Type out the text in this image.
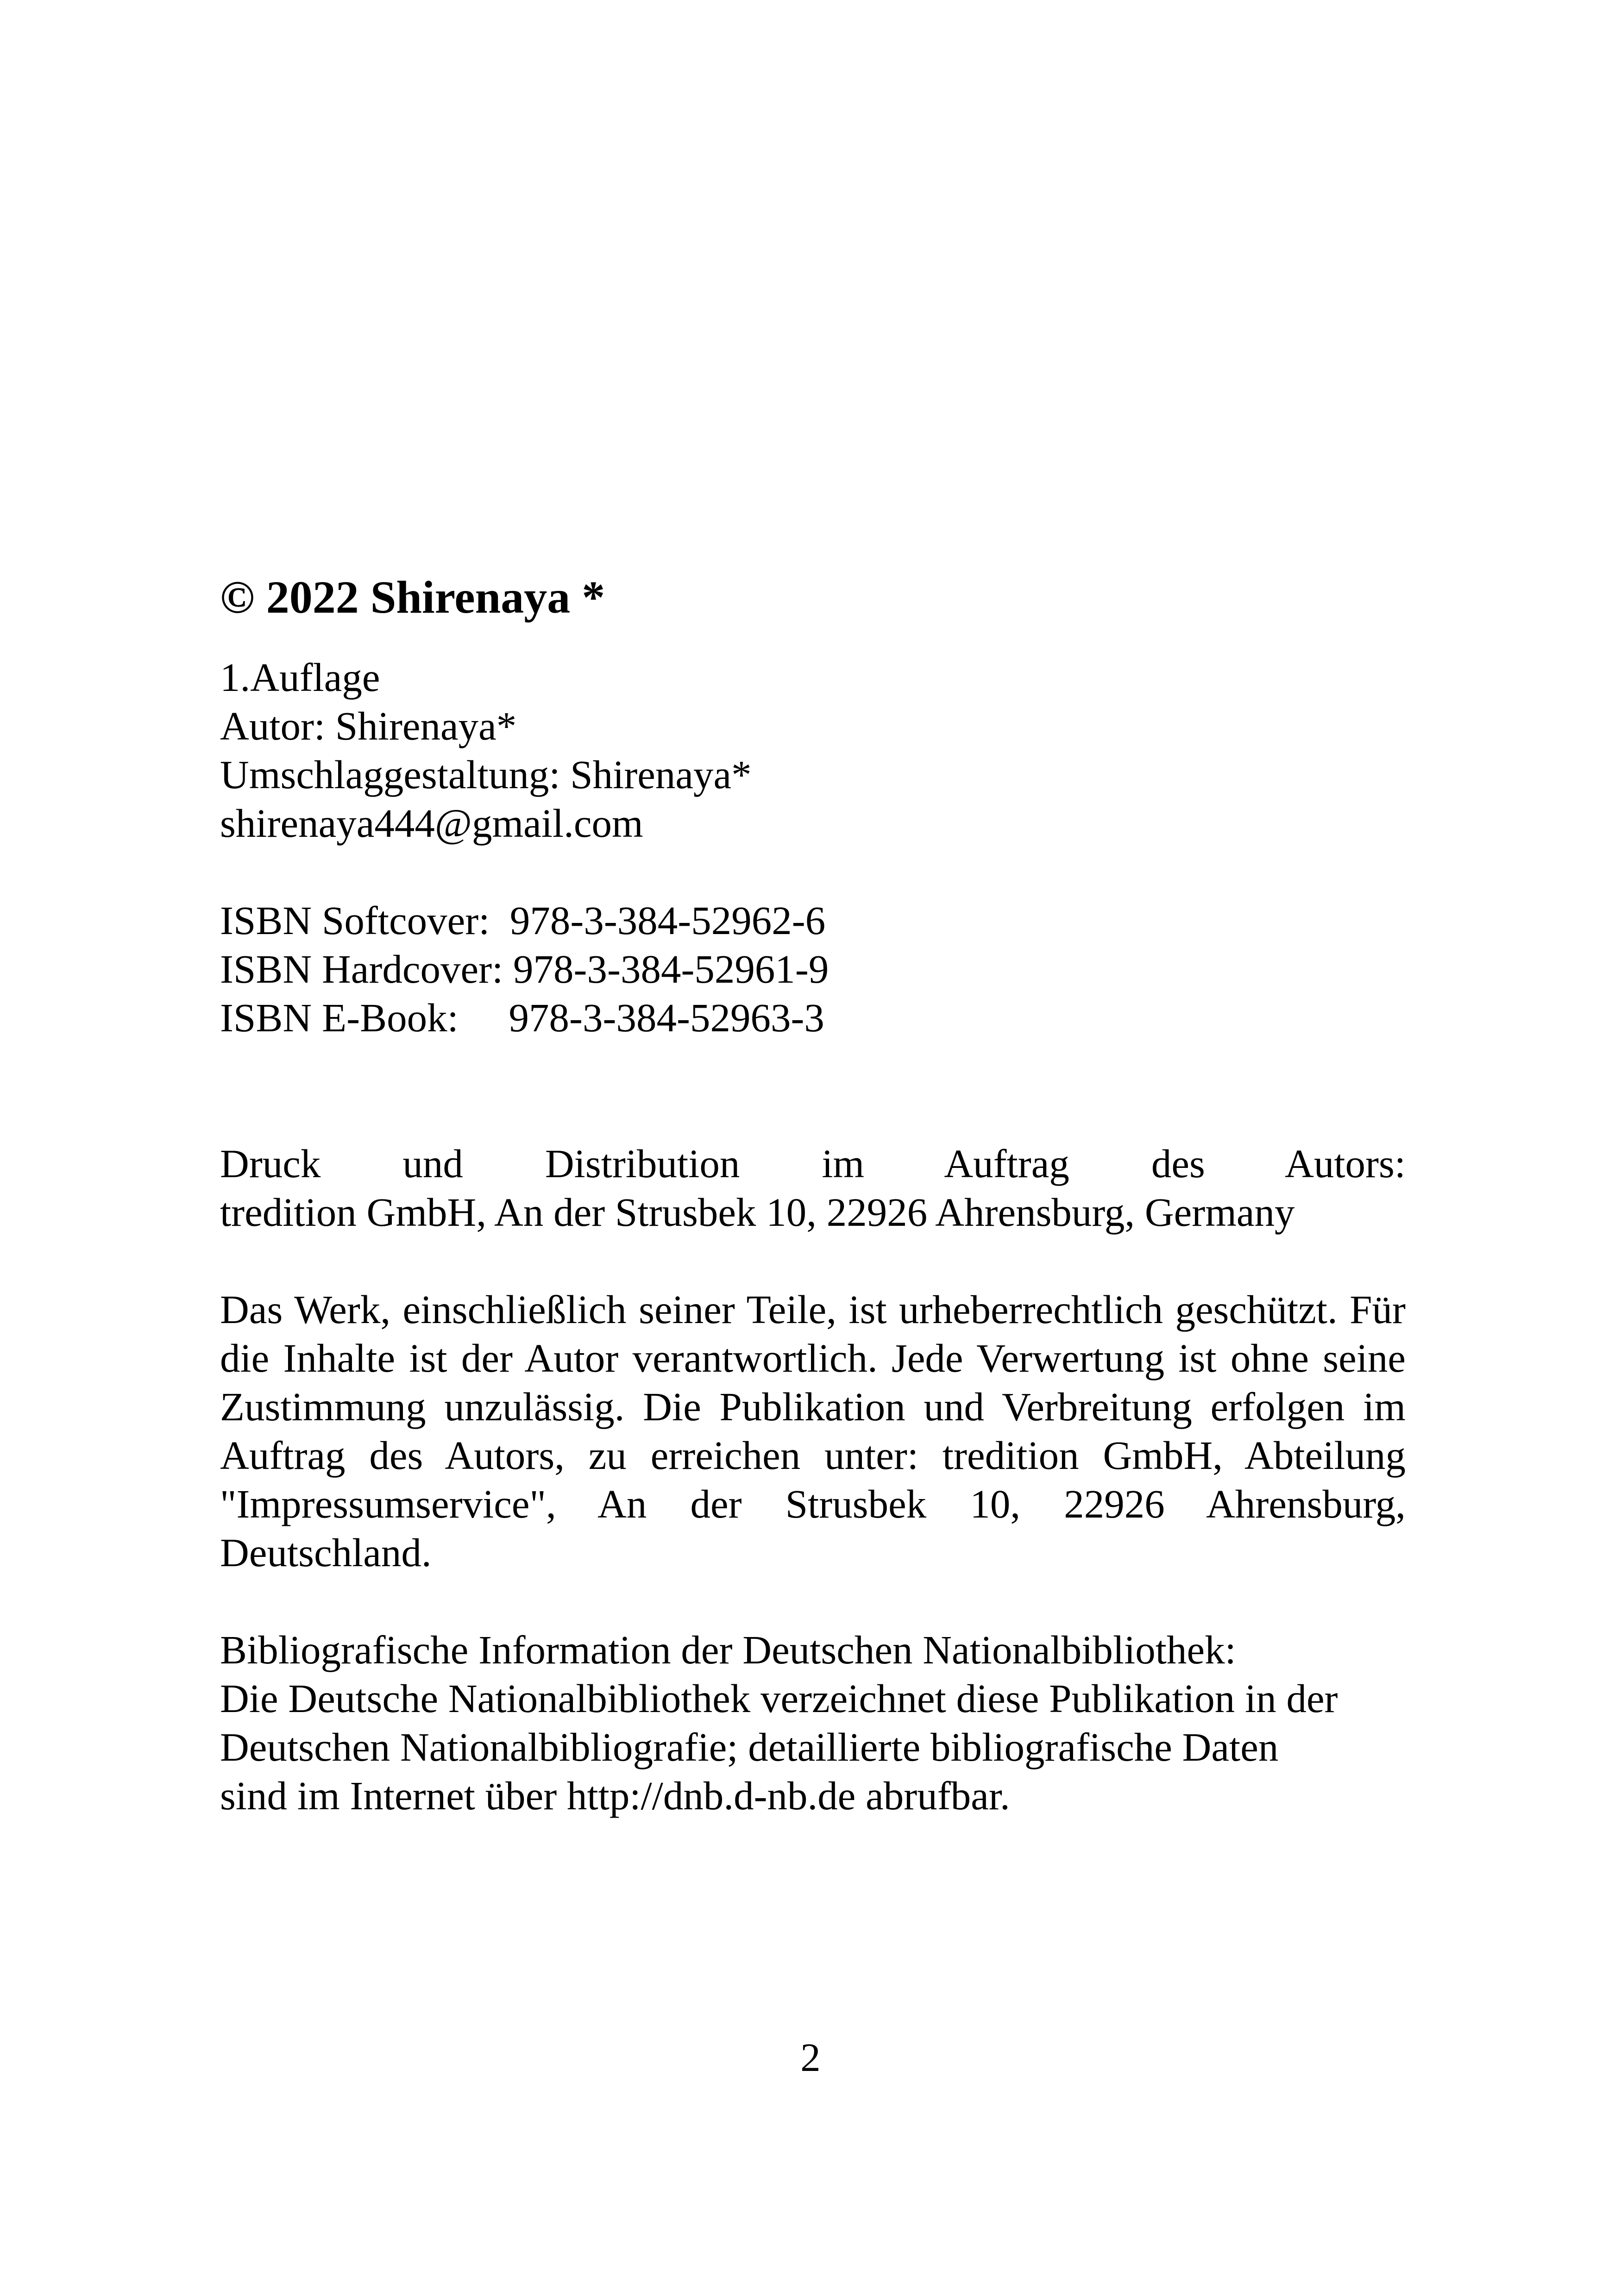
© 2022 Shirenaya *
1.Auflage
Autor: Shirenaya*
Umschlaggestaltung: Shirenaya*
shirenaya444@gmail.com
ISBN Softcover:  978-3-384-52962-6
ISBN Hardcover: 978-3-384-52961-9
ISBN E-Book:     978-3-384-52963-3
Druck und Distribution im Auftrag des Autors:
tredition GmbH, An der Strusbek 10, 22926 Ahrensburg, Germany
Das Werk, einschließlich seiner Teile, ist urheberrechtlich geschützt. Für die Inhalte ist der Autor verantwortlich. Jede Verwertung ist ohne seine Zustimmung unzulässig. Die Publikation und Verbreitung erfolgen im Auftrag des Autors, zu erreichen unter: tredition GmbH, Abteilung "Impressumservice", An der Strusbek 10, 22926 Ahrensburg, Deutschland.
Bibliografische Information der Deutschen Nationalbibliothek:
Die Deutsche Nationalbibliothek verzeichnet diese Publikation in der
Deutschen Nationalbibliografie; detaillierte bibliografische Daten
sind im Internet über http://dnb.d-nb.de abrufbar.
2
